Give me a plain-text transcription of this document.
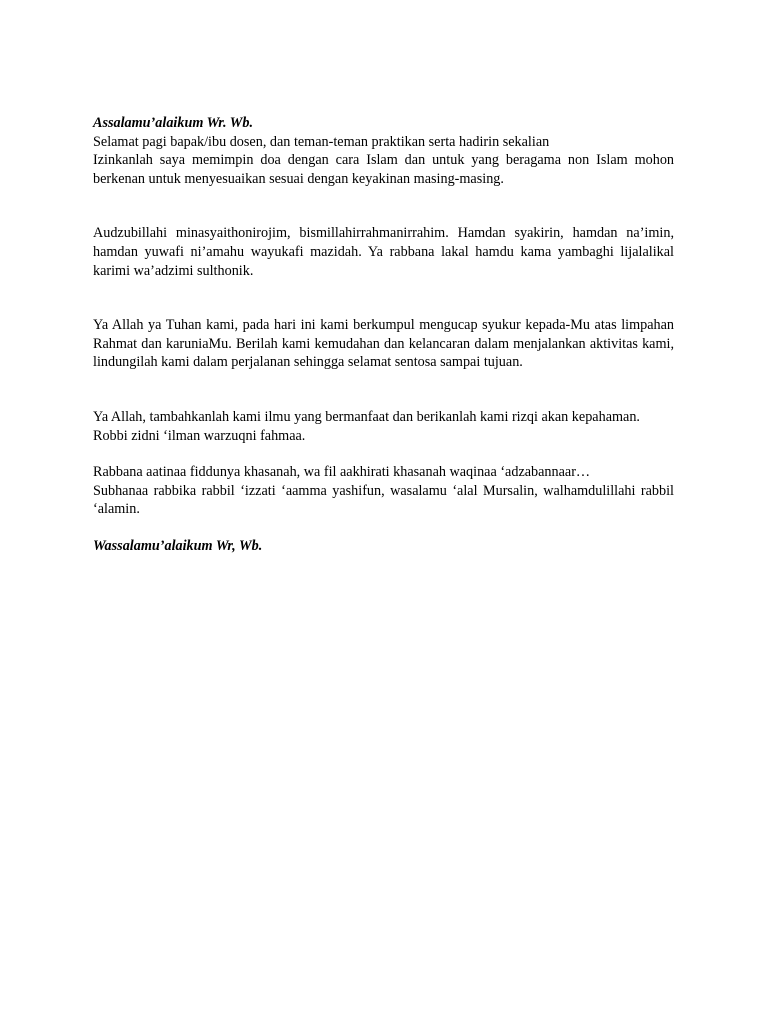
Assalamu’alaikum Wr. Wb.

Selamat pagi bapak/ibu dosen, dan teman-teman praktikan serta hadirin sekalian

Izinkanlah saya memimpin doa dengan cara Islam dan untuk yang beragama non Islam mohon berkenan untuk menyesuaikan sesuai dengan keyakinan masing-masing.

Audzubillahi minasyaithonirojim, bismillahirrahmanirrahim. Hamdan syakirin, hamdan na’imin, hamdan yuwafi ni’amahu wayukafi mazidah. Ya rabbana lakal hamdu kama yambaghi lijalalikal karimi wa’adzimi sulthonik.

Ya Allah ya Tuhan kami, pada hari ini kami berkumpul mengucap syukur kepada-Mu atas limpahan Rahmat dan karuniaMu. Berilah kami kemudahan dan kelancaran dalam menjalankan aktivitas kami, lindungilah kami dalam perjalanan sehingga selamat sentosa sampai tujuan.

Ya Allah, tambahkanlah kami ilmu yang bermanfaat dan berikanlah kami rizqi akan kepahaman.

Robbi zidni ‘ilman warzuqni fahmaa.

Rabbana aatinaa fiddunya khasanah, wa fil aakhirati khasanah waqinaa ‘adzabannaar…

Subhanaa rabbika rabbil ‘izzati ‘aamma yashifun, wasalamu ‘alal Mursalin, walhamdulillahi rabbil ‘alamin.

Wassalamu’alaikum Wr, Wb.
